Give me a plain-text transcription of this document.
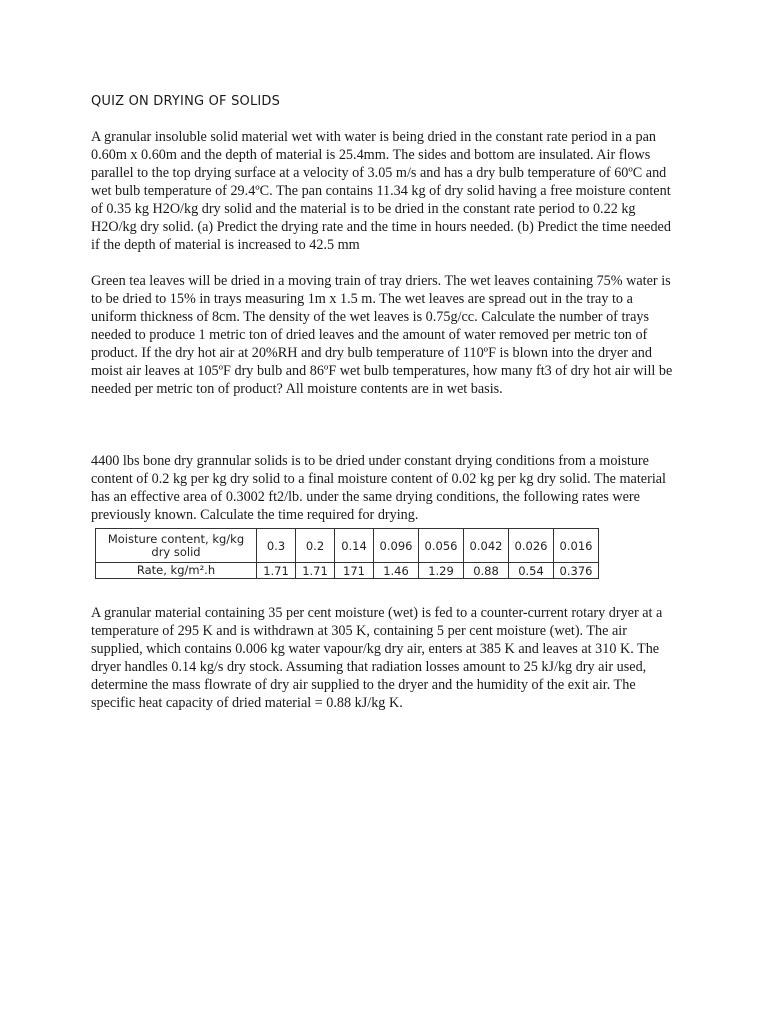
QUIZ ON DRYING OF SOLIDS

A granular insoluble solid material wet with water is being dried in the constant rate period in a pan 0.60m x 0.60m and the depth of material is 25.4mm. The sides and bottom are insulated. Air flows parallel to the top drying surface at a velocity of 3.05 m/s and has a dry bulb temperature of 60ºC and wet bulb temperature of 29.4ºC. The pan contains 11.34 kg of dry solid having a free moisture content of 0.35 kg H2O/kg dry solid and the material is to be dried in the constant rate period to 0.22 kg H2O/kg dry solid. (a) Predict the drying rate and the time in hours needed. (b) Predict the time needed if the depth of material is increased to 42.5 mm

Green tea leaves will be dried in a moving train of tray driers. The wet leaves containing 75% water is to be dried to 15% in trays measuring 1m x 1.5 m. The wet leaves are spread out in the tray to a uniform thickness of 8cm. The density of the wet leaves is 0.75g/cc. Calculate the number of trays needed to produce 1 metric ton of dried leaves and the amount of water removed per metric ton of product. If the dry hot air at 20%RH and dry bulb temperature of 110ºF is blown into the dryer and moist air leaves at 105ºF dry bulb and 86ºF wet bulb temperatures, how many ft3 of dry hot air will be needed per metric ton of product? All moisture contents are in wet basis.

4400 lbs bone dry grannular solids is to be dried under constant drying conditions from a moisture content of 0.2 kg per kg dry solid to a final moisture content of 0.02 kg per kg dry solid. The material has an effective area of 0.3002 ft2/lb. under the same drying conditions, the following rates were previously known. Calculate the time required for drying.

Moisture content, kg/kg dry solid	0.3	0.2	0.14	0.096	0.056	0.042	0.026	0.016
Rate, kg/m².h	1.71	1.71	171	1.46	1.29	0.88	0.54	0.376

A granular material containing 35 per cent moisture (wet) is fed to a counter-current rotary dryer at a temperature of 295 K and is withdrawn at 305 K, containing 5 per cent moisture (wet). The air supplied, which contains 0.006 kg water vapour/kg dry air, enters at 385 K and leaves at 310 K. The dryer handles 0.14 kg/s dry stock. Assuming that radiation losses amount to 25 kJ/kg dry air used, determine the mass flowrate of dry air supplied to the dryer and the humidity of the exit air. The specific heat capacity of dried material = 0.88 kJ/kg K.
